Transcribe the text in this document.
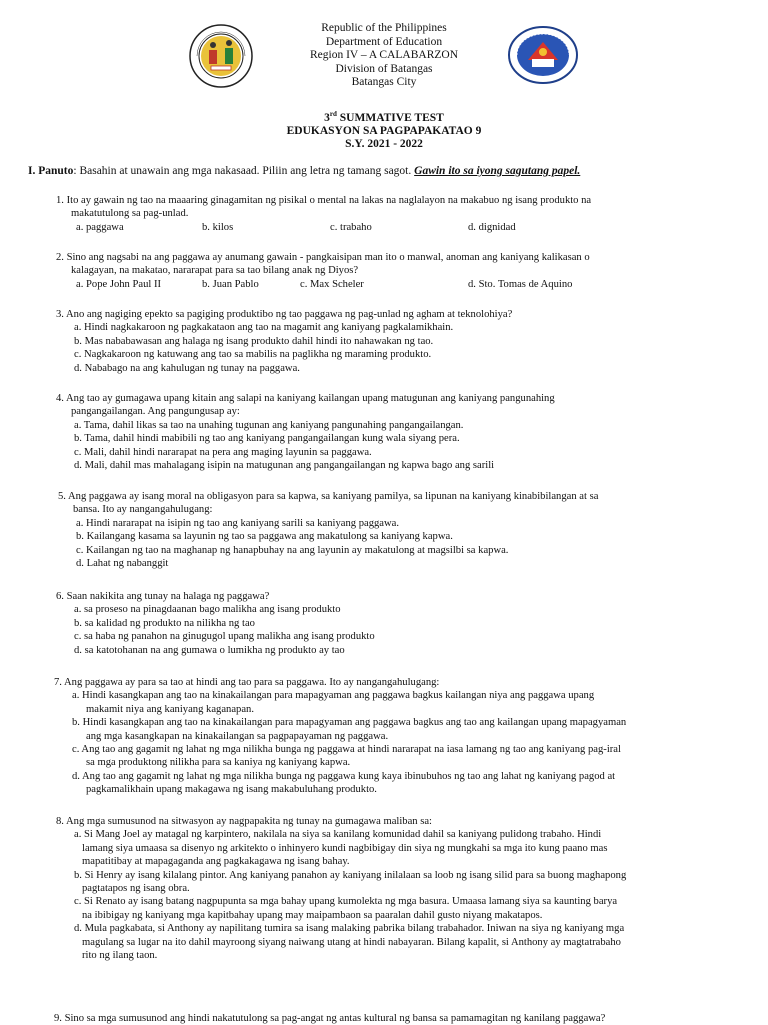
Republic of the Philippines
Department of Education
Region IV – A CALABARZON
Division of Batangas
Batangas City
3rd SUMMATIVE TEST
EDUKASYON SA PAGPAPAKATAO 9
S.Y. 2021 - 2022
I. Panuto: Basahin at unawain ang mga nakasaad. Piliin ang letra ng tamang sagot. Gawin ito sa iyong sagutang papel.
1. Ito ay gawain ng tao na maaaring ginagamitan ng pisikal o mental na lakas na naglalayon na makabuo ng isang produkto na
makatutulong sa pag-unlad.
a. paggawa	b. kilos	c. trabaho	d. dignidad
2. Sino ang nagsabi na ang paggawa ay anumang gawain - pangkaisipan man ito o manwal, anoman ang kaniyang kalikasan o
kalagayan, na makatao, nararapat para sa tao bilang anak ng Diyos?
a. Pope John Paul II	b. Juan Pablo	c. Max Scheler	d. Sto. Tomas de Aquino
3. Ano ang nagiging epekto sa pagiging produktibo ng tao paggawa ng pag-unlad ng agham at teknolohiya?
a. Hindi nagkakaroon ng pagkakataon ang tao na magamit ang kaniyang pagkalamikhain.
b. Mas nababawasan ang halaga ng isang produkto dahil hindi ito nahawakan ng tao.
c. Nagkakaroon ng katuwang ang tao sa mabilis na paglikha ng maraming produkto.
d. Nababago na ang kahulugan ng tunay na paggawa.
4. Ang tao ay gumagawa upang kitain ang salapi na kaniyang kailangan upang matugunan ang kaniyang pangunahing
pangangailangan. Ang pangungusap ay:
a. Tama, dahil likas sa tao na unahing tugunan ang kaniyang pangunahing pangangailangan.
b. Tama, dahil hindi mabibili ng tao ang kaniyang pangangailangan kung wala siyang pera.
c. Mali, dahil hindi nararapat na pera ang maging layunin sa paggawa.
d. Mali, dahil mas mahalagang isipin na matugunan ang pangangailangan ng kapwa bago ang sarili
5. Ang paggawa ay isang moral na obligasyon para sa kapwa, sa kaniyang pamilya, sa lipunan na kaniyang kinabibilangan at sa
bansa. Ito ay nangangahulugang:
a. Hindi nararapat na isipin ng tao ang kaniyang sarili sa kaniyang paggawa.
b. Kailangang kasama sa layunin ng tao sa paggawa ang makatulong sa kaniyang kapwa.
c. Kailangan ng tao na maghanap ng hanapbuhay na ang layunin ay makatulong at magsilbi sa kapwa.
d. Lahat ng nabanggit
6. Saan nakikita ang tunay na halaga ng paggawa?
a. sa proseso na pinagdaanan bago malikha ang isang produkto
b. sa kalidad ng produkto na nilikha ng tao
c. sa haba ng panahon na ginugugol upang malikha ang isang produkto
d. sa katotohanan na ang gumawa o lumikha ng produkto ay tao
7. Ang paggawa ay para sa tao at hindi ang tao para sa paggawa. Ito ay nangangahulugang:
a. Hindi kasangkapan ang tao na kinakailangan para mapagyaman ang paggawa bagkus kailangan niya ang paggawa upang
makamit niya ang kaniyang kaganapan.
b. Hindi kasangkapan ang tao na kinakailangan para mapagyaman ang paggawa bagkus ang tao ang kailangan upang mapagyaman
ang mga kasangkapan na kinakailangan sa pagpapayaman ng paggawa.
c. Ang tao ang gagamit ng lahat ng mga nilikha bunga ng paggawa at hindi nararapat na iasa lamang ng tao ang kaniyang pag-iral
sa mga produktong nilikha para sa kaniya ng kaniyang kapwa.
d. Ang tao ang gagamit ng lahat ng mga nilikha bunga ng paggawa kung kaya ibinubuhos ng tao ang lahat ng kaniyang pagod at
pagkamalikhain upang makagawa ng isang makabuluhang produkto.
8. Ang mga sumusunod na sitwasyon ay nagpapakita ng tunay na gumagawa maliban sa:
a. Si Mang Joel ay matagal ng karpintero, nakilala na siya sa kanilang komunidad dahil sa kaniyang pulidong trabaho. Hindi
lamang siya umaasa sa disenyo ng arkitekto o inhinyero kundi nagbibigay din siya ng mungkahi sa mga ito kung paano mas
mapatitibay at mapagaganda ang pagkakagawa ng isang bahay.
b. Si Henry ay isang kilalang pintor. Ang kaniyang panahon ay kaniyang inilalaan sa loob ng isang silid para sa buong maghapong
pagtatapos ng isang obra.
c. Si Renato ay isang batang nagpupunta sa mga bahay upang kumolekta ng mga basura. Umaasa lamang siya sa kaunting barya
na ibibigay ng kaniyang mga kapitbahay upang may maipambaon sa paaralan dahil gusto niyang makatapos.
d. Mula pagkabata, si Anthony ay napilitang tumira sa isang malaking pabrika bilang trabahador. Iniwan na siya ng kaniyang mga
magulang sa lugar na ito dahil mayroong siyang naiwang utang at hindi nabayaran. Bilang kapalit, si Anthony ay magtatrabaho
rito ng ilang taon.
9. Sino sa mga sumusunod ang hindi nakatutulong sa pag-angat ng antas kultural ng bansa sa pamamagitan ng kanilang paggawa?
